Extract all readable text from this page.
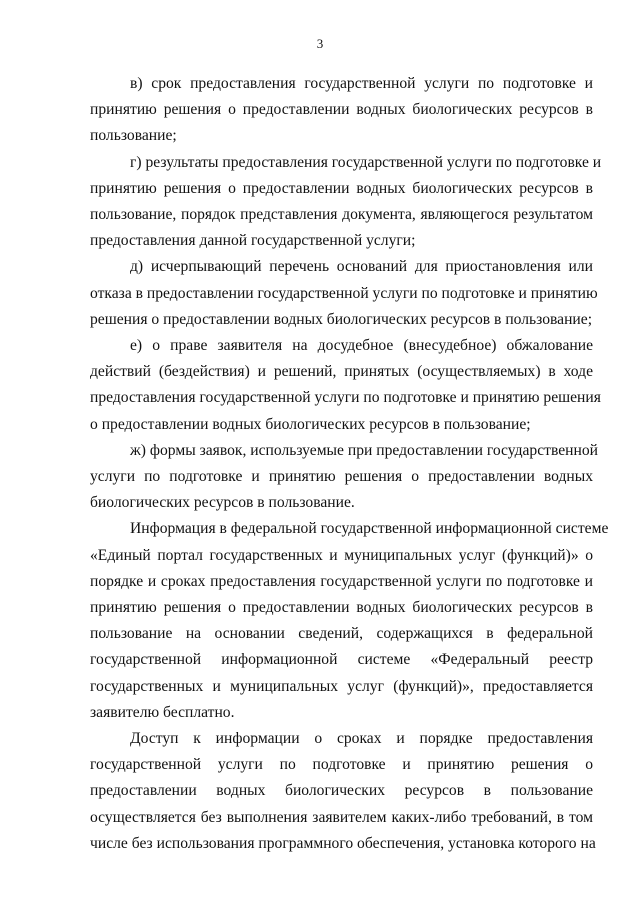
3
в) срок предоставления государственной услуги по подготовке и
принятию решения о предоставлении водных биологических ресурсов в
пользование;
г) результаты предоставления государственной услуги по подготовке и
принятию решения о предоставлении водных биологических ресурсов в
пользование, порядок представления документа, являющегося результатом
предоставления данной государственной услуги;
д) исчерпывающий перечень оснований для приостановления или
отказа в предоставлении государственной услуги по подготовке и принятию
решения о предоставлении водных биологических ресурсов в пользование;
е) о праве заявителя на досудебное (внесудебное) обжалование
действий (бездействия) и решений, принятых (осуществляемых) в ходе
предоставления государственной услуги по подготовке и принятию решения
о предоставлении водных биологических ресурсов в пользование;
ж) формы заявок, используемые при предоставлении государственной
услуги по подготовке и принятию решения о предоставлении водных
биологических ресурсов в пользование.
Информация в федеральной государственной информационной системе
«Единый портал государственных и муниципальных услуг (функций)» о
порядке и сроках предоставления государственной услуги по подготовке и
принятию решения о предоставлении водных биологических ресурсов в
пользование на основании сведений, содержащихся в федеральной
государственной информационной системе «Федеральный реестр
государственных и муниципальных услуг (функций)», предоставляется
заявителю бесплатно.
Доступ к информации о сроках и порядке предоставления
государственной услуги по подготовке и принятию решения о
предоставлении водных биологических ресурсов в пользование
осуществляется без выполнения заявителем каких-либо требований, в том
числе без использования программного обеспечения, установка которого на
